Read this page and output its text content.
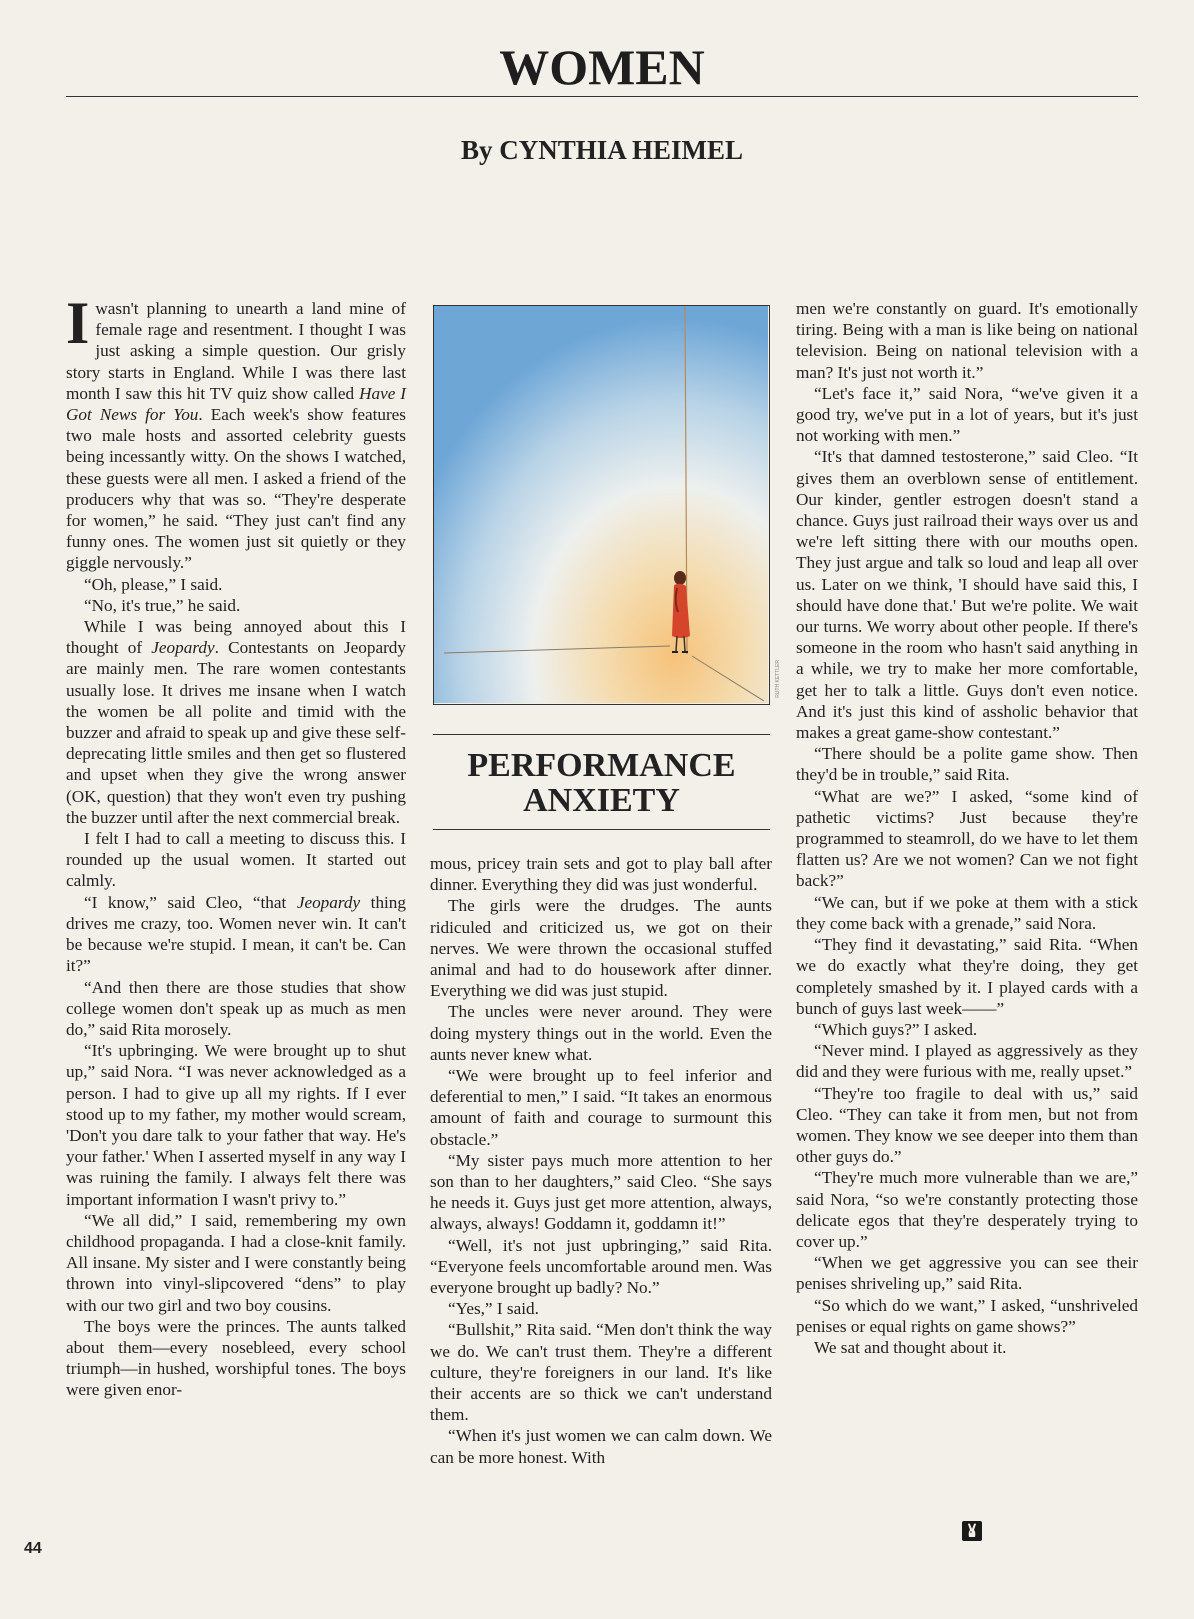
WOMEN
By CYNTHIA HEIMEL

I wasn't planning to unearth a land mine of female rage and resentment. I thought I was just asking a simple question. Our grisly story starts in England. While I was there last month I saw this hit TV quiz show called Have I Got News for You. Each week's show features two male hosts and assorted celebrity guests being incessantly witty. On the shows I watched, these guests were all men. I asked a friend of the producers why that was so. “They're desperate for women,” he said. “They just can't find any funny ones. The women just sit quietly or they giggle nervously.”

“Oh, please,” I said.

“No, it's true,” he said.

While I was being annoyed about this I thought of Jeopardy. Contestants on Jeopardy are mainly men. The rare women contestants usually lose. It drives me insane when I watch the women be all polite and timid with the buzzer and afraid to speak up and give these self-deprecating little smiles and then get so flustered and upset when they give the wrong answer (OK, question) that they won't even try pushing the buzzer until after the next commercial break.

I felt I had to call a meeting to discuss this. I rounded up the usual women. It started out calmly.

“I know,” said Cleo, “that Jeopardy thing drives me crazy, too. Women never win. It can't be because we're stupid. I mean, it can't be. Can it?”

“And then there are those studies that show college women don't speak up as much as men do,” said Rita morosely.

“It's upbringing. We were brought up to shut up,” said Nora. “I was never acknowledged as a person. I had to give up all my rights. If I ever stood up to my father, my mother would scream, 'Don't you dare talk to your father that way. He's your father.' When I asserted myself in any way I was ruining the family. I always felt there was important information I wasn't privy to.”

“We all did,” I said, remembering my own childhood propaganda. I had a close-knit family. All insane. My sister and I were constantly being thrown into vinyl-slipcovered “dens” to play with our two girl and two boy cousins.

The boys were the princes. The aunts talked about them—every nosebleed, every school triumph—in hushed, worshipful tones. The boys were given enor-

RUTH KETTLER
PERFORMANCE
ANXIETY

mous, pricey train sets and got to play ball after dinner. Everything they did was just wonderful.

The girls were the drudges. The aunts ridiculed and criticized us, we got on their nerves. We were thrown the occasional stuffed animal and had to do housework after dinner. Everything we did was just stupid.

The uncles were never around. They were doing mystery things out in the world. Even the aunts never knew what.

“We were brought up to feel inferior and deferential to men,” I said. “It takes an enormous amount of faith and courage to surmount this obstacle.”

“My sister pays much more attention to her son than to her daughters,” said Cleo. “She says he needs it. Guys just get more attention, always, always, always! Goddamn it, goddamn it!”

“Well, it's not just upbringing,” said Rita. “Everyone feels uncomfortable around men. Was everyone brought up badly? No.”

“Yes,” I said.

“Bullshit,” Rita said. “Men don't think the way we do. We can't trust them. They're a different culture, they're foreigners in our land. It's like their accents are so thick we can't understand them.

“When it's just women we can calm down. We can be more honest. With

men we're constantly on guard. It's emotionally tiring. Being with a man is like being on national television. Being on national television with a man? It's just not worth it.”

“Let's face it,” said Nora, “we've given it a good try, we've put in a lot of years, but it's just not working with men.”

“It's that damned testosterone,” said Cleo. “It gives them an overblown sense of entitlement. Our kinder, gentler estrogen doesn't stand a chance. Guys just railroad their ways over us and we're left sitting there with our mouths open. They just argue and talk so loud and leap all over us. Later on we think, 'I should have said this, I should have done that.' But we're polite. We wait our turns. We worry about other people. If there's someone in the room who hasn't said anything in a while, we try to make her more comfortable, get her to talk a little. Guys don't even notice. And it's just this kind of assholic behavior that makes a great game-show contestant.”

“There should be a polite game show. Then they'd be in trouble,” said Rita.

“What are we?” I asked, “some kind of pathetic victims? Just because they're programmed to steamroll, do we have to let them flatten us? Are we not women? Can we not fight back?”

“We can, but if we poke at them with a stick they come back with a grenade,” said Nora.

“They find it devastating,” said Rita. “When we do exactly what they're doing, they get completely smashed by it. I played cards with a bunch of guys last week——”

“Which guys?” I asked.

“Never mind. I played as aggressively as they did and they were furious with me, really upset.”

“They're too fragile to deal with us,” said Cleo. “They can take it from men, but not from women. They know we see deeper into them than other guys do.”

“They're much more vulnerable than we are,” said Nora, “so we're constantly protecting those delicate egos that they're desperately trying to cover up.”

“When we get aggressive you can see their penises shriveling up,” said Rita.

“So which do we want,” I asked, “unshriveled penises or equal rights on game shows?”

We sat and thought about it.

44
